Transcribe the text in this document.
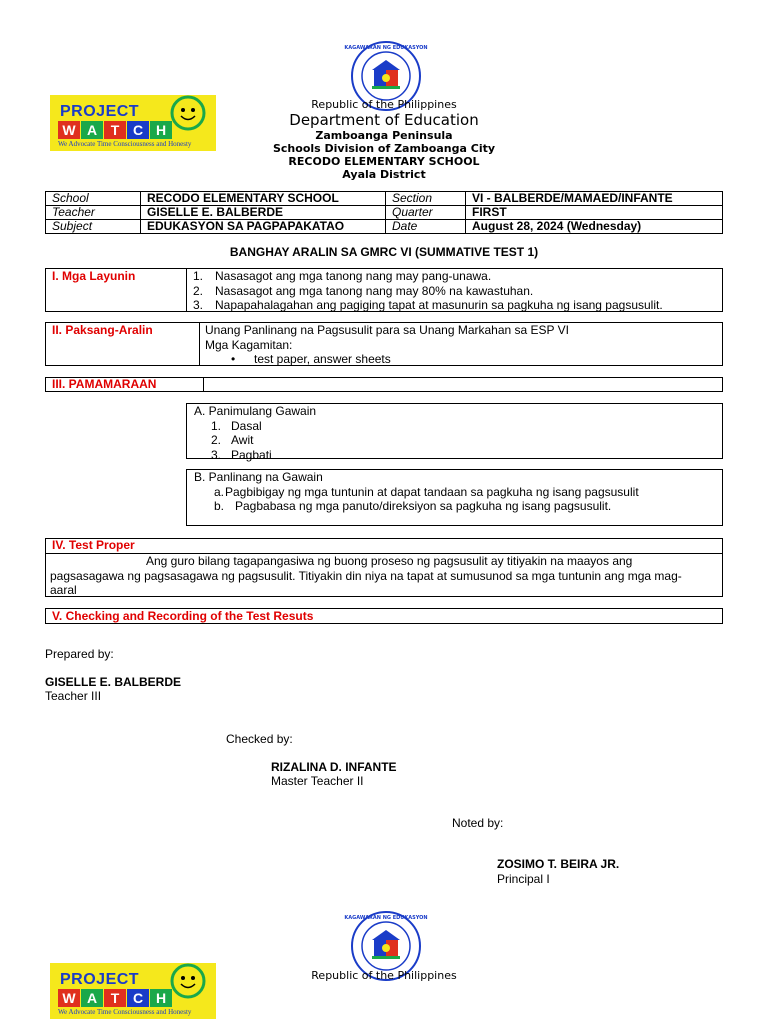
KAGAWARAN NG EDUKASYON
PROJECT
W A T C H
We Advocate Time Consciousness and Honesty
Republic of the Philippines
Department of Education
Zamboanga Peninsula
Schools Division of Zamboanga City
RECODO ELEMENTARY SCHOOL
Ayala District
School	RECODO ELEMENTARY SCHOOL	Section	VI - BALBERDE/MAMAED/INFANTE
Teacher	GISELLE E. BALBERDE	Quarter	FIRST
Subject	EDUKASYON SA PAGPAPAKATAO	Date	August 28, 2024 (Wednesday)
BANGHAY ARALIN SA GMRC VI (SUMMATIVE TEST 1)
I. Mga Layunin	1. Nasasagot ang mga tanong nang may pang-unawa.
2. Nasasagot ang mga tanong nang may 80% na kawastuhan.
3. Napapahalagahan ang pagiging tapat at masunurin sa pagkuha ng isang pagsusulit.
II. Paksang-Aralin	Unang Panlinang na Pagsusulit para sa Unang Markahan sa ESP VI
Mga Kagamitan:
• test paper, answer sheets
III. PAMAMARAAN
A. Panimulang Gawain
1. Dasal
2. Awit
3. Pagbati
B. Panlinang na Gawain
a.Pagbibigay ng mga tuntunin at dapat tandaan sa pagkuha ng isang pagsusulit
b. Pagbabasa ng mga panuto/direksiyon sa pagkuha ng isang pagsusulit.
IV. Test Proper
Ang guro bilang tagapangasiwa ng buong proseso ng pagsusulit ay titiyakin na maayos ang
pagsasagawa ng pagsasagawa ng pagsusulit. Titiyakin din niya na tapat at sumusunod sa mga tuntunin ang mga mag-
aaral
V. Checking and Recording of the Test Resuts
Prepared by:
GISELLE E. BALBERDE
Teacher III
Checked by:
RIZALINA D. INFANTE
Master Teacher II
Noted by:
ZOSIMO T. BEIRA JR.
Principal I
KAGAWARAN NG EDUKASYON
PROJECT
W A T C H
We Advocate Time Consciousness and Honesty
Republic of the Philippines
